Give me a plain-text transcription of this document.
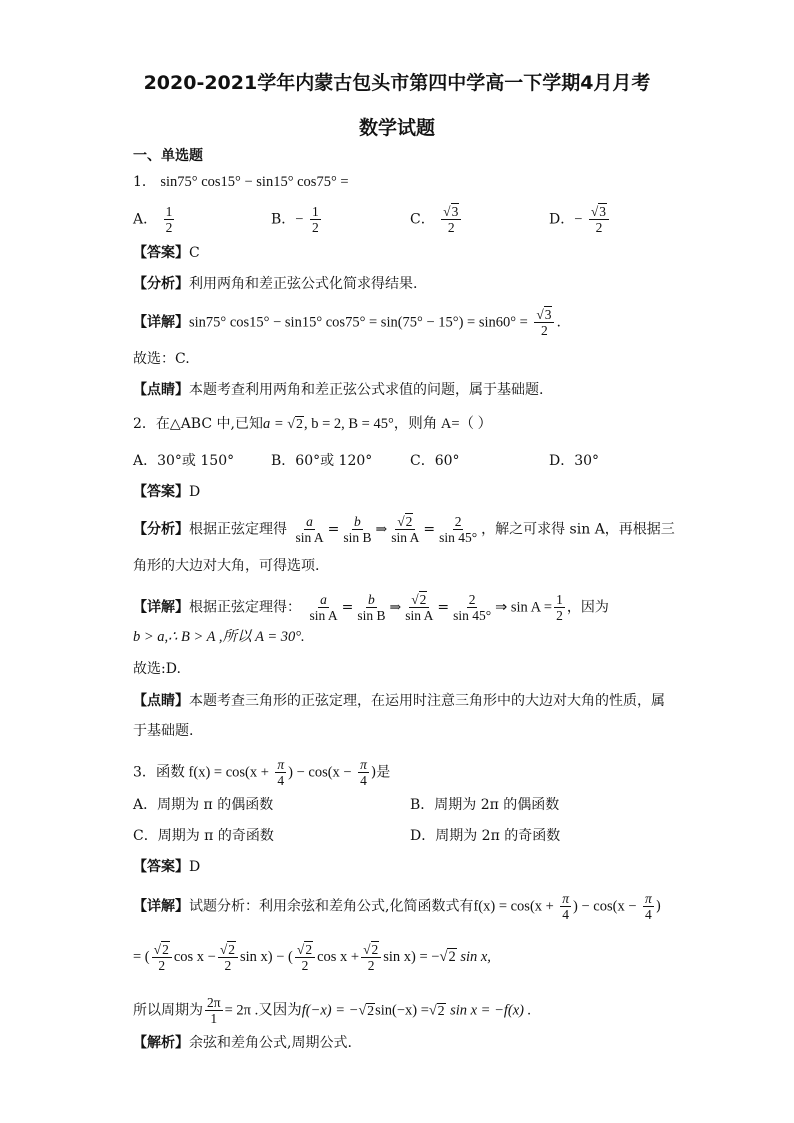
2020-2021学年内蒙古包头市第四中学高一下学期4月月考
数学试题
一、单选题
1． sin75° cos15° − sin15° cos75° =
A． $\frac{1}{2}$	B．− $\frac{1}{2}$	C． $\frac{√3}{2}$	D．− $\frac{√3}{2}$
【答案】C
【分析】利用两角和差正弦公式化简求得结果.
【详解】sin75° cos15° − sin15° $\cos 75^\circ = \sin(75^\circ - 15^\circ) = \sin 60^\circ = \frac{√3}{2}$ .
故选：C.
【点睛】本题考查利用两角和差正弦公式求值的问题，属于基础题.
2．在△ABC 中,已知a = √2, b = 2, B = 45°，则角 A=（ ）
A．30°或 150°	B．60°或 120°	C．60°	D．30°
【答案】D
【分析】根据正弦定理得 $\frac{a}{\text{sin A}} = \frac{b}{\text{sin B}}$ ⇒ $\frac{√2}{\text{sin A}} = \frac{2}{\sin 45^\circ}$ ，解之可求得 sin A，再根据三
角形的大边对大角，可得选项.
【详解】根据正弦定理得： $\frac{a}{\text{sin A}} = \frac{b}{\text{sin B}}$ ⇒ $\frac{√2}{\text{sin A}} = \frac{2}{\sin 45^\circ}$ ⇒ $\sin A = \frac{1}{2}$ ，因为
b > a,∴ B > A ,所以 A = 30°.
故选:D.
【点睛】本题考查三角形的正弦定理，在运用时注意三角形中的大边对大角的性质，属
于基础题.
3．函数 $f(x) = \cos(x + \frac{\pi}{4}$ ) − $\cos(x - \frac{\pi}{4}$ )是
A．周期为 π 的偶函数	B．周期为 2π 的偶函数
C．周期为 π 的奇函数	D．周期为 2π 的奇函数
【答案】D
【详解】试题分析：利用余弦和差角公式,化简函数式有$f(x) = \cos(x + \frac{\pi}{4}$ ) − $\cos(x - \frac{\pi}{4}$ )
= ( $\frac{√2}{2}$ $\cos x - \frac{√2}{2}$ sin x) − ( $\frac{√2}{2}$ $\cos x + \frac{√2}{2}$ sin x) = −√2 sin x,
所以周期为 $\frac{2\pi}{1} = 2\pi$ .又因为f(−x) = −√2sin(−x) =√2 sin x = −f(x) .
【解析】余弦和差角公式,周期公式.
